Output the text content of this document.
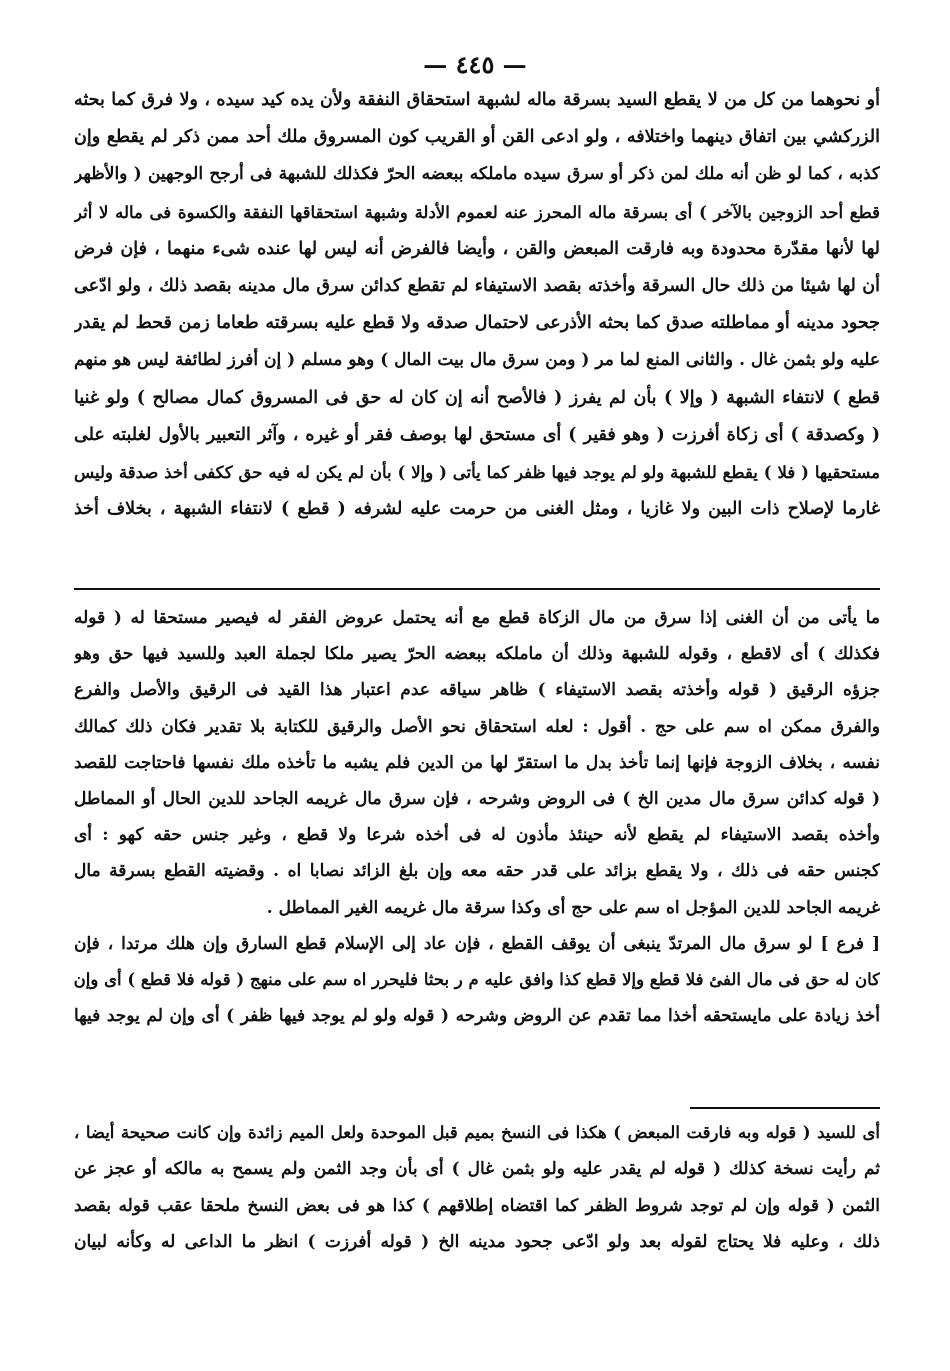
— ٤٤٥ —
أو نحوهما من كل من لا يقطع السيد بسرقة ماله لشبهة استحقاق النفقة ولأن يده كيد سيده ، ولا فرق كما بحثه
الزركشي بين اتفاق دينهما واختلافه ، ولو ادعى القن أو القريب كون المسروق ملك أحد ممن ذكر لم يقطع وإن
كذبه ، كما لو ظن أنه ملك لمن ذكر أو سرق سيده ماملكه ببعضه الحرّ فكذلك للشبهة فى أرجح الوجهين ( والأظهر
قطع أحد الزوجين بالآخر ) أى بسرقة ماله المحرز عنه لعموم الأدلة وشبهة استحقاقها النفقة والكسوة فى ماله لا أثر
لها لأنها مقدّرة محدودة وبه فارقت المبعض والقن ، وأيضا فالفرض أنه ليس لها عنده شىء منهما ، فإن فرض
أن لها شيئا من ذلك حال السرقة وأخذته بقصد الاستيفاء لم تقطع كدائن سرق مال مدينه بقصد ذلك ، ولو ادّعى
جحود مدينه أو مماطلته صدق كما بحثه الأذرعى لاحتمال صدقه ولا قطع عليه بسرقته طعاما زمن قحط لم يقدر
عليه ولو بثمن غال . والثانى المنع لما مر ( ومن سرق مال بيت المال ) وهو مسلم ( إن أفرز لطائفة ليس هو منهم
قطع ) لانتفاء الشبهة ( وإلا ) بأن لم يفرز ( فالأصح أنه إن كان له حق فى المسروق كمال مصالح ) ولو غنيا
( وكصدقة ) أى زكاة أفرزت ( وهو فقير ) أى مستحق لها بوصف فقر أو غيره ، وآثر التعبير بالأول لغلبته على
مستحقيها ( فلا ) يقطع للشبهة ولو لم يوجد فيها ظفر كما يأتى ( وإلا ) بأن لم يكن له فيه حق ككفى أخذ صدقة وليس
غارما لإصلاح ذات البين ولا غازيا ، ومثل الغنى من حرمت عليه لشرفه ( قطع ) لانتفاء الشبهة ، بخلاف أخذ
ما يأتى من أن الغنى إذا سرق من مال الزكاة قطع مع أنه يحتمل عروض الفقر له فيصير مستحقا له ( قوله
فكذلك ) أى لاقطع ، وقوله للشبهة وذلك أن ماملكه ببعضه الحرّ يصير ملكا لجملة العبد وللسيد فيها حق وهو
جزؤه الرقيق ( قوله وأخذته بقصد الاستيفاء ) ظاهر سياقه عدم اعتبار هذا القيد فى الرقيق والأصل والفرع
والفرق ممكن اه سم على حج . أقول : لعله استحقاق نحو الأصل والرقيق للكتابة بلا تقدير فكان ذلك كمالك
نفسه ، بخلاف الزوجة فإنها إنما تأخذ بدل ما استقرّ لها من الدين فلم يشبه ما تأخذه ملك نفسها فاحتاجت للقصد
( قوله كدائن سرق مال مدين الخ ) فى الروض وشرحه ، فإن سرق مال غريمه الجاحد للدين الحال أو المماطل
وأخذه بقصد الاستيفاء لم يقطع لأنه حينئذ مأذون له فى أخذه شرعا ولا قطع ، وغير جنس حقه كهو : أى
كجنس حقه فى ذلك ، ولا يقطع بزائد على قدر حقه معه وإن بلغ الزائد نصابا اه . وقضيته القطع بسرقة مال
غريمه الجاحد للدين المؤجل اه سم على حج أى وكذا سرقة مال غريمه الغير المماطل .
[ فرع ] لو سرق مال المرتدّ ينبغى أن يوقف القطع ، فإن عاد إلى الإسلام قطع السارق وإن هلك مرتدا ، فإن
كان له حق فى مال الفئ فلا قطع وإلا قطع كذا وافق عليه م ر بحثا فليحرر اه سم على منهج ( قوله فلا قطع ) أى وإن
أخذ زيادة على مايستحقه أخذا مما تقدم عن الروض وشرحه ( قوله ولو لم يوجد فيها ظفر ) أى وإن لم يوجد فيها
أى للسيد ( قوله وبه فارقت المبعض ) هكذا فى النسخ بميم قبل الموحدة ولعل الميم زائدة وإن كانت صحيحة أيضا ،
ثم رأيت نسخة كذلك ( قوله لم يقدر عليه ولو بثمن غال ) أى بأن وجد الثمن ولم يسمح به مالكه أو عجز عن
الثمن ( قوله وإن لم توجد شروط الظفر كما اقتضاه إطلاقهم ) كذا هو فى بعض النسخ ملحقا عقب قوله بقصد
ذلك ، وعليه فلا يحتاج لقوله بعد ولو ادّعى جحود مدينه الخ ( قوله أفرزت ) انظر ما الداعى له وكأنه لبيان
